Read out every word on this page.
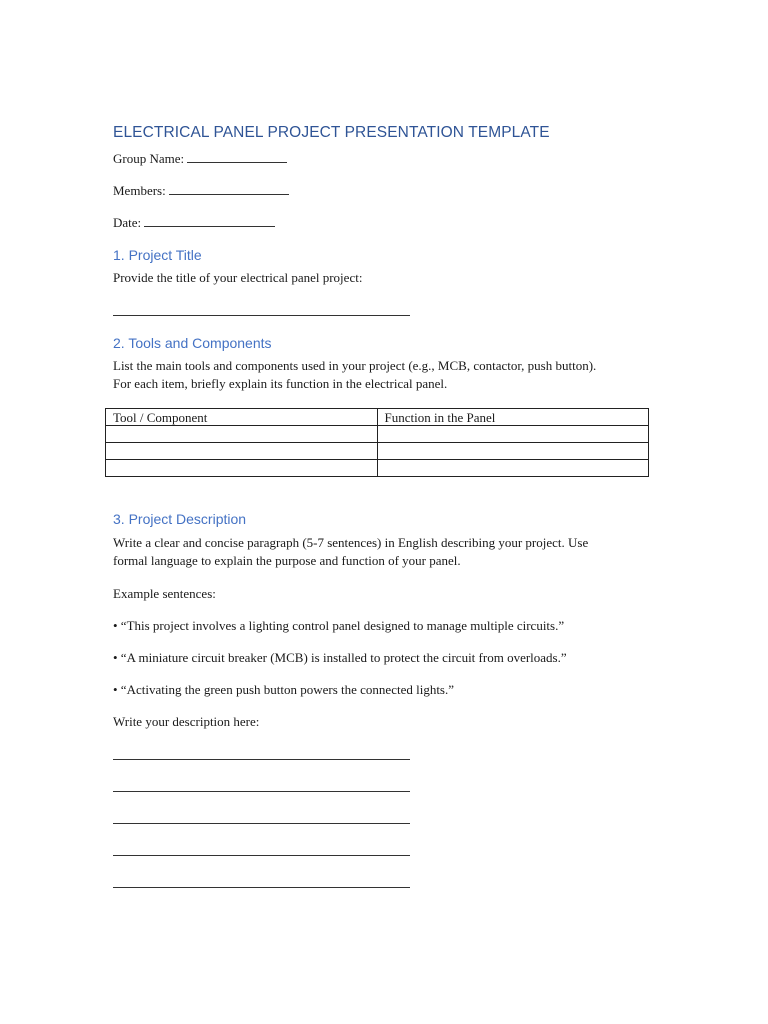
ELECTRICAL PANEL PROJECT PRESENTATION TEMPLATE
Group Name:
Members:
Date:
1. Project Title
Provide the title of your electrical panel project:
2. Tools and Components
List the main tools and components used in your project (e.g., MCB, contactor, push button).
For each item, briefly explain its function in the electrical panel.
Tool / Component	Function in the Panel

3. Project Description
Write a clear and concise paragraph (5-7 sentences) in English describing your project. Use
formal language to explain the purpose and function of your panel.
Example sentences:
• “This project involves a lighting control panel designed to manage multiple circuits.”
• “A miniature circuit breaker (MCB) is installed to protect the circuit from overloads.”
• “Activating the green push button powers the connected lights.”
Write your description here:
